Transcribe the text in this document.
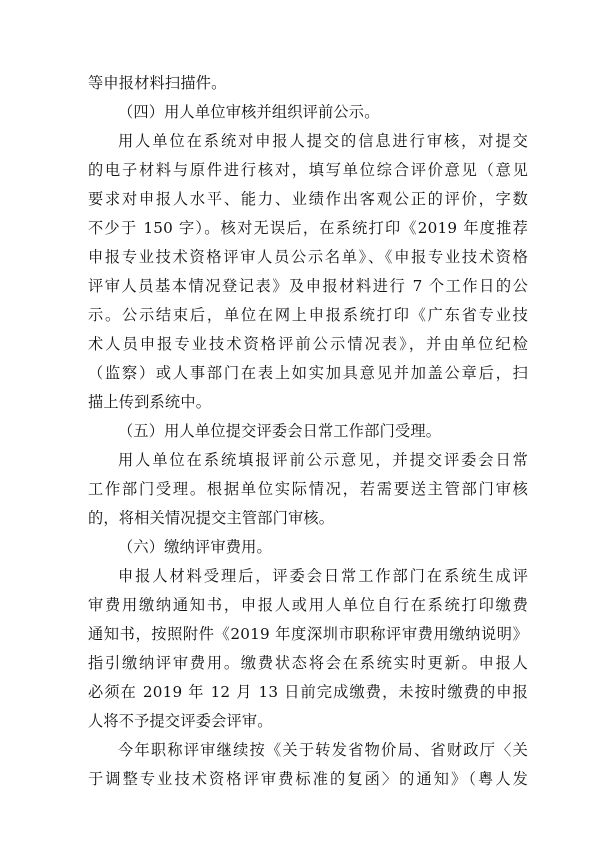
等申报材料扫描件。
（四）用人单位审核并组织评前公示。
用人单位在系统对申报人提交的信息进行审核，对提交
的电子材料与原件进行核对，填写单位综合评价意见（意见
要求对申报人水平、能力、业绩作出客观公正的评价，字数
不少于 150 字）。核对无误后，在系统打印《2019 年度推荐
申报专业技术资格评审人员公示名单》、《申报专业技术资格
评审人员基本情况登记表》及申报材料进行 7 个工作日的公
示。公示结束后，单位在网上申报系统打印《广东省专业技
术人员申报专业技术资格评前公示情况表》，并由单位纪检
（监察）或人事部门在表上如实加具意见并加盖公章后，扫
描上传到系统中。
（五）用人单位提交评委会日常工作部门受理。
用人单位在系统填报评前公示意见，并提交评委会日常
工作部门受理。根据单位实际情况，若需要送主管部门审核
的，将相关情况提交主管部门审核。
（六）缴纳评审费用。
申报人材料受理后，评委会日常工作部门在系统生成评
审费用缴纳通知书，申报人或用人单位自行在系统打印缴费
通知书，按照附件《2019 年度深圳市职称评审费用缴纳说明》
指引缴纳评审费用。缴费状态将会在系统实时更新。申报人
必须在 2019 年 12 月 13 日前完成缴费，未按时缴费的申报
人将不予提交评委会评审。
今年职称评审继续按《关于转发省物价局、省财政厅〈关
于调整专业技术资格评审费标准的复函〉的通知》（粤人发
